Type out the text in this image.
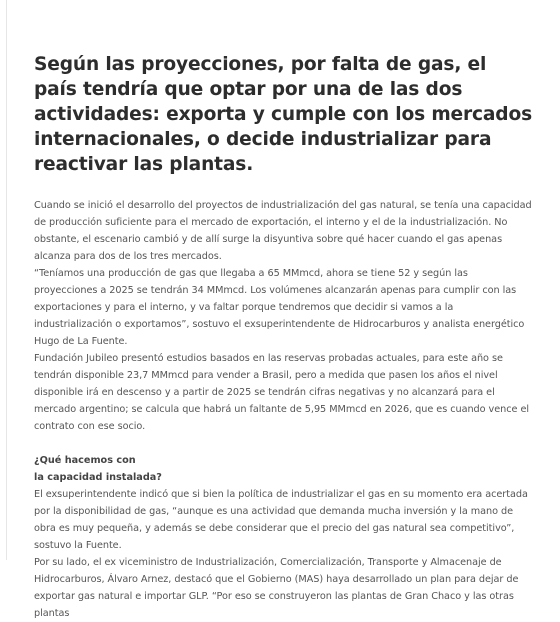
Según las proyecciones, por falta de gas, el país tendría que optar por una de las dos actividades: exporta y cumple con los mercados internacionales, o decide industrializar para reactivar las plantas.

Cuando se inició el desarrollo del proyectos de industrialización del gas natural, se tenía una capacidad de producción suficiente para el mercado de exportación, el interno y el de la industrialización. No obstante, el escenario cambió y de allí surge la disyuntiva sobre qué hacer cuando el gas apenas alcanza para dos de los tres mercados.

“Teníamos una producción de gas que llegaba a 65 MMmcd, ahora se tiene 52 y según las proyecciones a 2025 se tendrán 34 MMmcd. Los volúmenes alcanzarán apenas para cumplir con las exportaciones y para el interno, y va faltar porque tendremos que decidir si vamos a la industrialización o exportamos”, sostuvo el exsuperintendente de Hidrocarburos y analista energético Hugo de La Fuente.

Fundación Jubileo presentó estudios basados en las reservas probadas actuales, para este año se tendrán disponible 23,7 MMmcd para vender a Brasil, pero a medida que pasen los años el nivel disponible irá en descenso y a partir de 2025 se tendrán cifras negativas y no alcanzará para el mercado argentino; se calcula que habrá un faltante de 5,95 MMmcd en 2026, que es cuando vence el contrato con ese socio.

¿Qué hacemos con
la capacidad instalada?

El exsuperintendente indicó que si bien la política de industrializar el gas en su momento era acertada por la disponibilidad de gas, “aunque es una actividad que demanda mucha inversión y la mano de obra es muy pequeña, y además se debe considerar que el precio del gas natural sea competitivo”, sostuvo la Fuente.

Por su lado, el ex viceministro de Industrialización, Comercialización, Transporte y Almacenaje de Hidrocarburos, Álvaro Arnez, destacó que el Gobierno (MAS) haya desarrollado un plan para dejar de exportar gas natural e importar GLP. “Por eso se construyeron las plantas de Gran Chaco y las otras plantas
